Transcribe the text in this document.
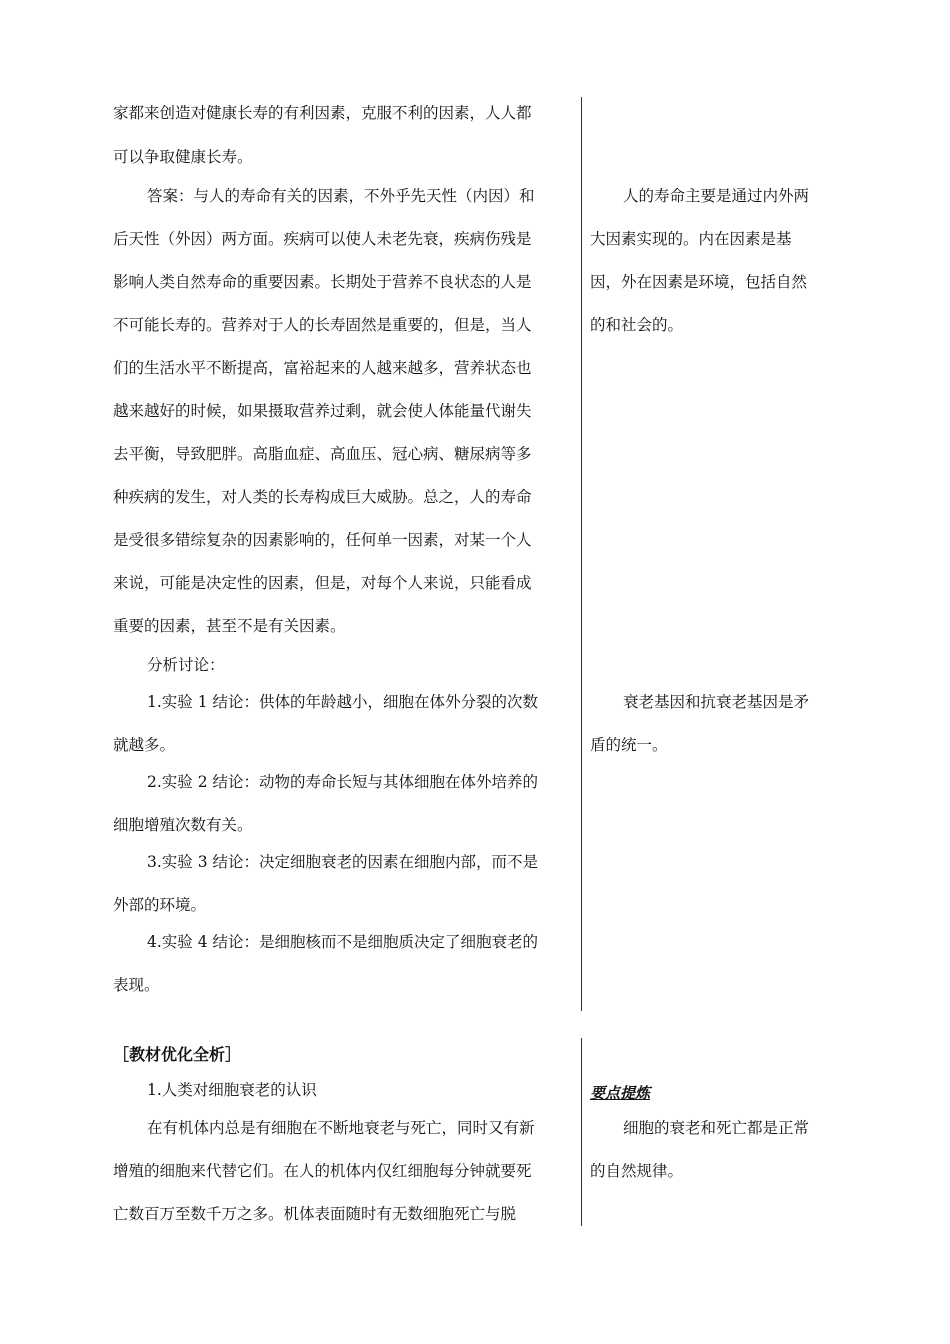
家都来创造对健康长寿的有利因素，克服不利的因素，人人都
可以争取健康长寿。
答案：与人的寿命有关的因素，不外乎先天性（内因）和
后天性（外因）两方面。疾病可以使人未老先衰，疾病伤残是
影响人类自然寿命的重要因素。长期处于营养不良状态的人是
不可能长寿的。营养对于人的长寿固然是重要的，但是，当人
们的生活水平不断提高，富裕起来的人越来越多，营养状态也
越来越好的时候，如果摄取营养过剩，就会使人体能量代谢失
去平衡，导致肥胖。高脂血症、高血压、冠心病、糖尿病等多
种疾病的发生，对人类的长寿构成巨大威胁。总之，人的寿命
是受很多错综复杂的因素影响的，任何单一因素，对某一个人
来说，可能是决定性的因素，但是，对每个人来说，只能看成
重要的因素，甚至不是有关因素。
分析讨论：
1.实验 1 结论：供体的年龄越小，细胞在体外分裂的次数
就越多。
2.实验 2 结论：动物的寿命长短与其体细胞在体外培养的
细胞增殖次数有关。
3.实验 3 结论：决定细胞衰老的因素在细胞内部，而不是
外部的环境。
4.实验 4 结论：是细胞核而不是细胞质决定了细胞衰老的
表现。
人的寿命主要是通过内外两
大因素实现的。内在因素是基
因，外在因素是环境，包括自然
的和社会的。
衰老基因和抗衰老基因是矛
盾的统一。
［教材优化全析］
1.人类对细胞衰老的认识
在有机体内总是有细胞在不断地衰老与死亡，同时又有新
增殖的细胞来代替它们。在人的机体内仅红细胞每分钟就要死
亡数百万至数千万之多。机体表面随时有无数细胞死亡与脱
要点提炼
细胞的衰老和死亡都是正常
的自然规律。
